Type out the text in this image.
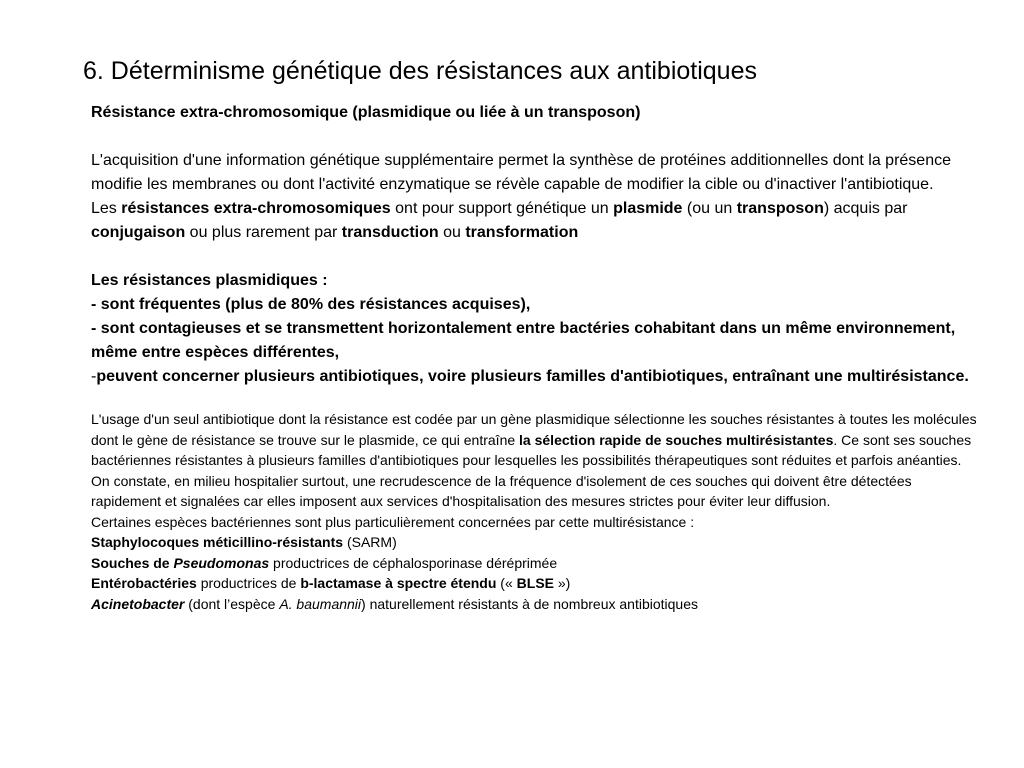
6. Déterminisme génétique des résistances aux antibiotiques

Résistance extra-chromosomique (plasmidique ou liée à un transposon)

L'acquisition d'une information génétique supplémentaire permet la synthèse de protéines additionnelles dont la présence modifie les membranes ou dont l'activité enzymatique se révèle capable de modifier la cible ou d'inactiver l'antibiotique.

Les résistances extra-chromosomiques ont pour support génétique un plasmide (ou un transposon) acquis par conjugaison ou plus rarement par transduction ou transformation

Les résistances plasmidiques :

- sont fréquentes (plus de 80% des résistances acquises),

- sont contagieuses et se transmettent horizontalement entre bactéries cohabitant dans un même environnement, même entre espèces différentes,

-peuvent concerner plusieurs antibiotiques, voire plusieurs familles d'antibiotiques, entraînant une multirésistance.

L'usage d'un seul antibiotique dont la résistance est codée par un gène plasmidique sélectionne les souches résistantes à toutes les molécules dont le gène de résistance se trouve sur le plasmide, ce qui entraîne la sélection rapide de souches multirésistantes. Ce sont ses souches bactériennes résistantes à plusieurs familles d'antibiotiques pour lesquelles les possibilités thérapeutiques sont réduites et parfois anéanties. On constate, en milieu hospitalier surtout, une recrudescence de la fréquence d'isolement de ces souches qui doivent être détectées rapidement et signalées car elles imposent aux services d'hospitalisation des mesures strictes pour éviter leur diffusion.

Certaines espèces bactériennes sont plus particulièrement concernées par cette multirésistance :

Staphylocoques méticillino-résistants (SARM)

Souches de Pseudomonas productrices de céphalosporinase déréprimée

Entérobactéries productrices de b-lactamase à spectre étendu (« BLSE »)

Acinetobacter (dont l’espèce A. baumannii) naturellement résistants à de nombreux antibiotiques
